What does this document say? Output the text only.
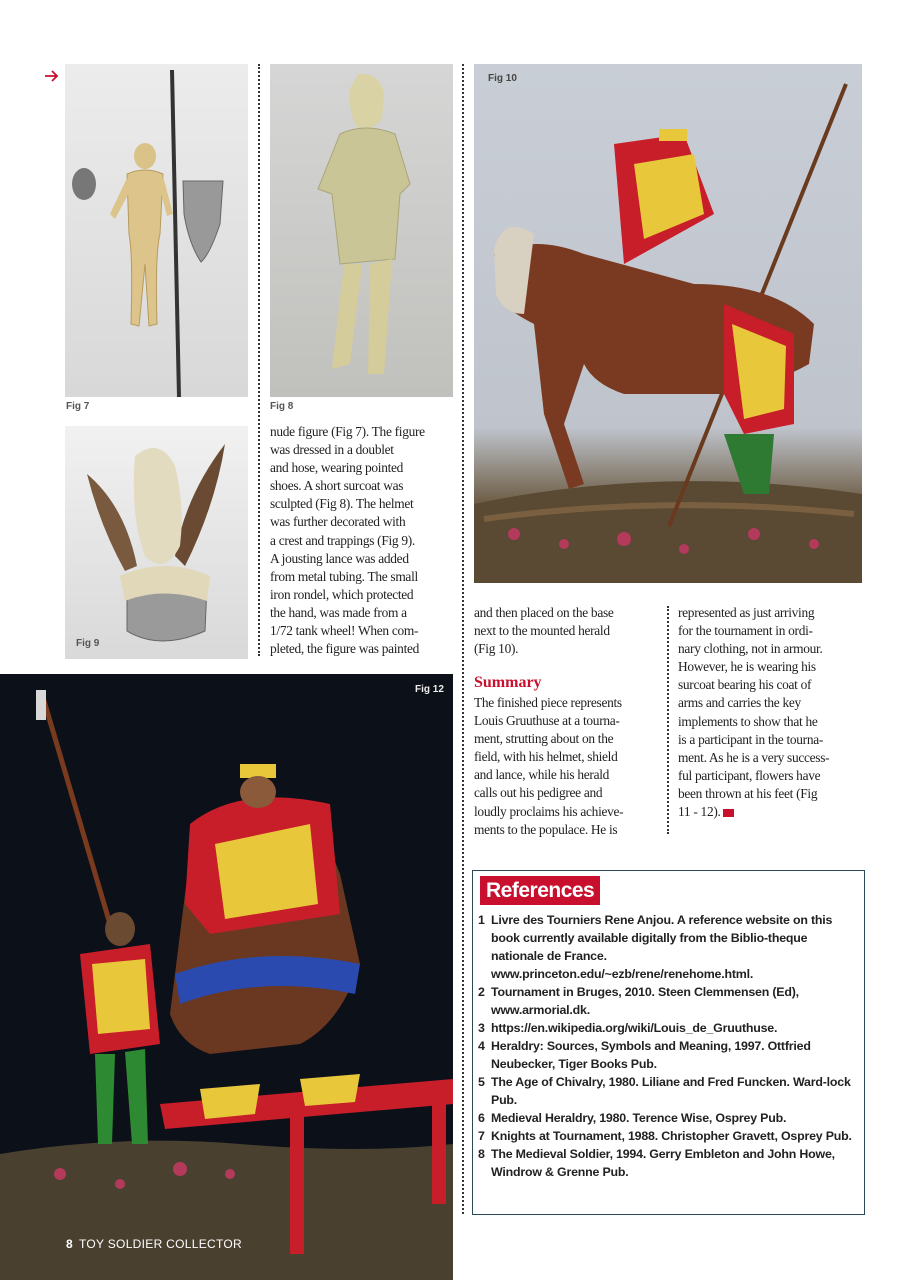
Fig 7	Fig 8
Fig 9
Fig 10
Fig 12
nude figure (Fig 7). The figure
was dressed in a doublet
and hose, wearing pointed
shoes. A short surcoat was
sculpted (Fig 8). The helmet
was further decorated with
a crest and trappings (Fig 9).
A jousting lance was added
from metal tubing. The small
iron rondel, which protected
the hand, was made from a
1/72 tank wheel! When com-
pleted, the figure was painted
and then placed on the base
next to the mounted herald
(Fig 10).
Summary
The finished piece represents
Louis Gruuthuse at a tourna-
ment, strutting about on the
field, with his helmet, shield
and lance, while his herald
calls out his pedigree and
loudly proclaims his achieve-
ments to the populace. He is
represented as just arriving
for the tournament in ordi-
nary clothing, not in armour.
However, he is wearing his
surcoat bearing his coat of
arms and carries the key
implements to show that he
is a participant in the tourna-
ment. As he is a very success-
ful participant, flowers have
been thrown at his feet (Fig
11 - 12).
References
1 Livre des Tourniers Rene Anjou. A reference website on this book currently available digitally from the Biblio-theque nationale de France. www.princeton.edu/~ezb/rene/renehome.html.
2 Tournament in Bruges, 2010. Steen Clemmensen (Ed), www.armorial.dk.
3 https://en.wikipedia.org/wiki/Louis_de_Gruuthuse.
4 Heraldry: Sources, Symbols and Meaning, 1997. Ottfried Neubecker, Tiger Books Pub.
5 The Age of Chivalry, 1980. Liliane and Fred Funcken. Ward-lock Pub.
6 Medieval Heraldry, 1980. Terence Wise, Osprey Pub.
7 Knights at Tournament, 1988. Christopher Gravett, Osprey Pub.
8 The Medieval Soldier, 1994. Gerry Embleton and John Howe, Windrow & Grenne Pub.
8 TOY SOLDIER COLLECTOR
